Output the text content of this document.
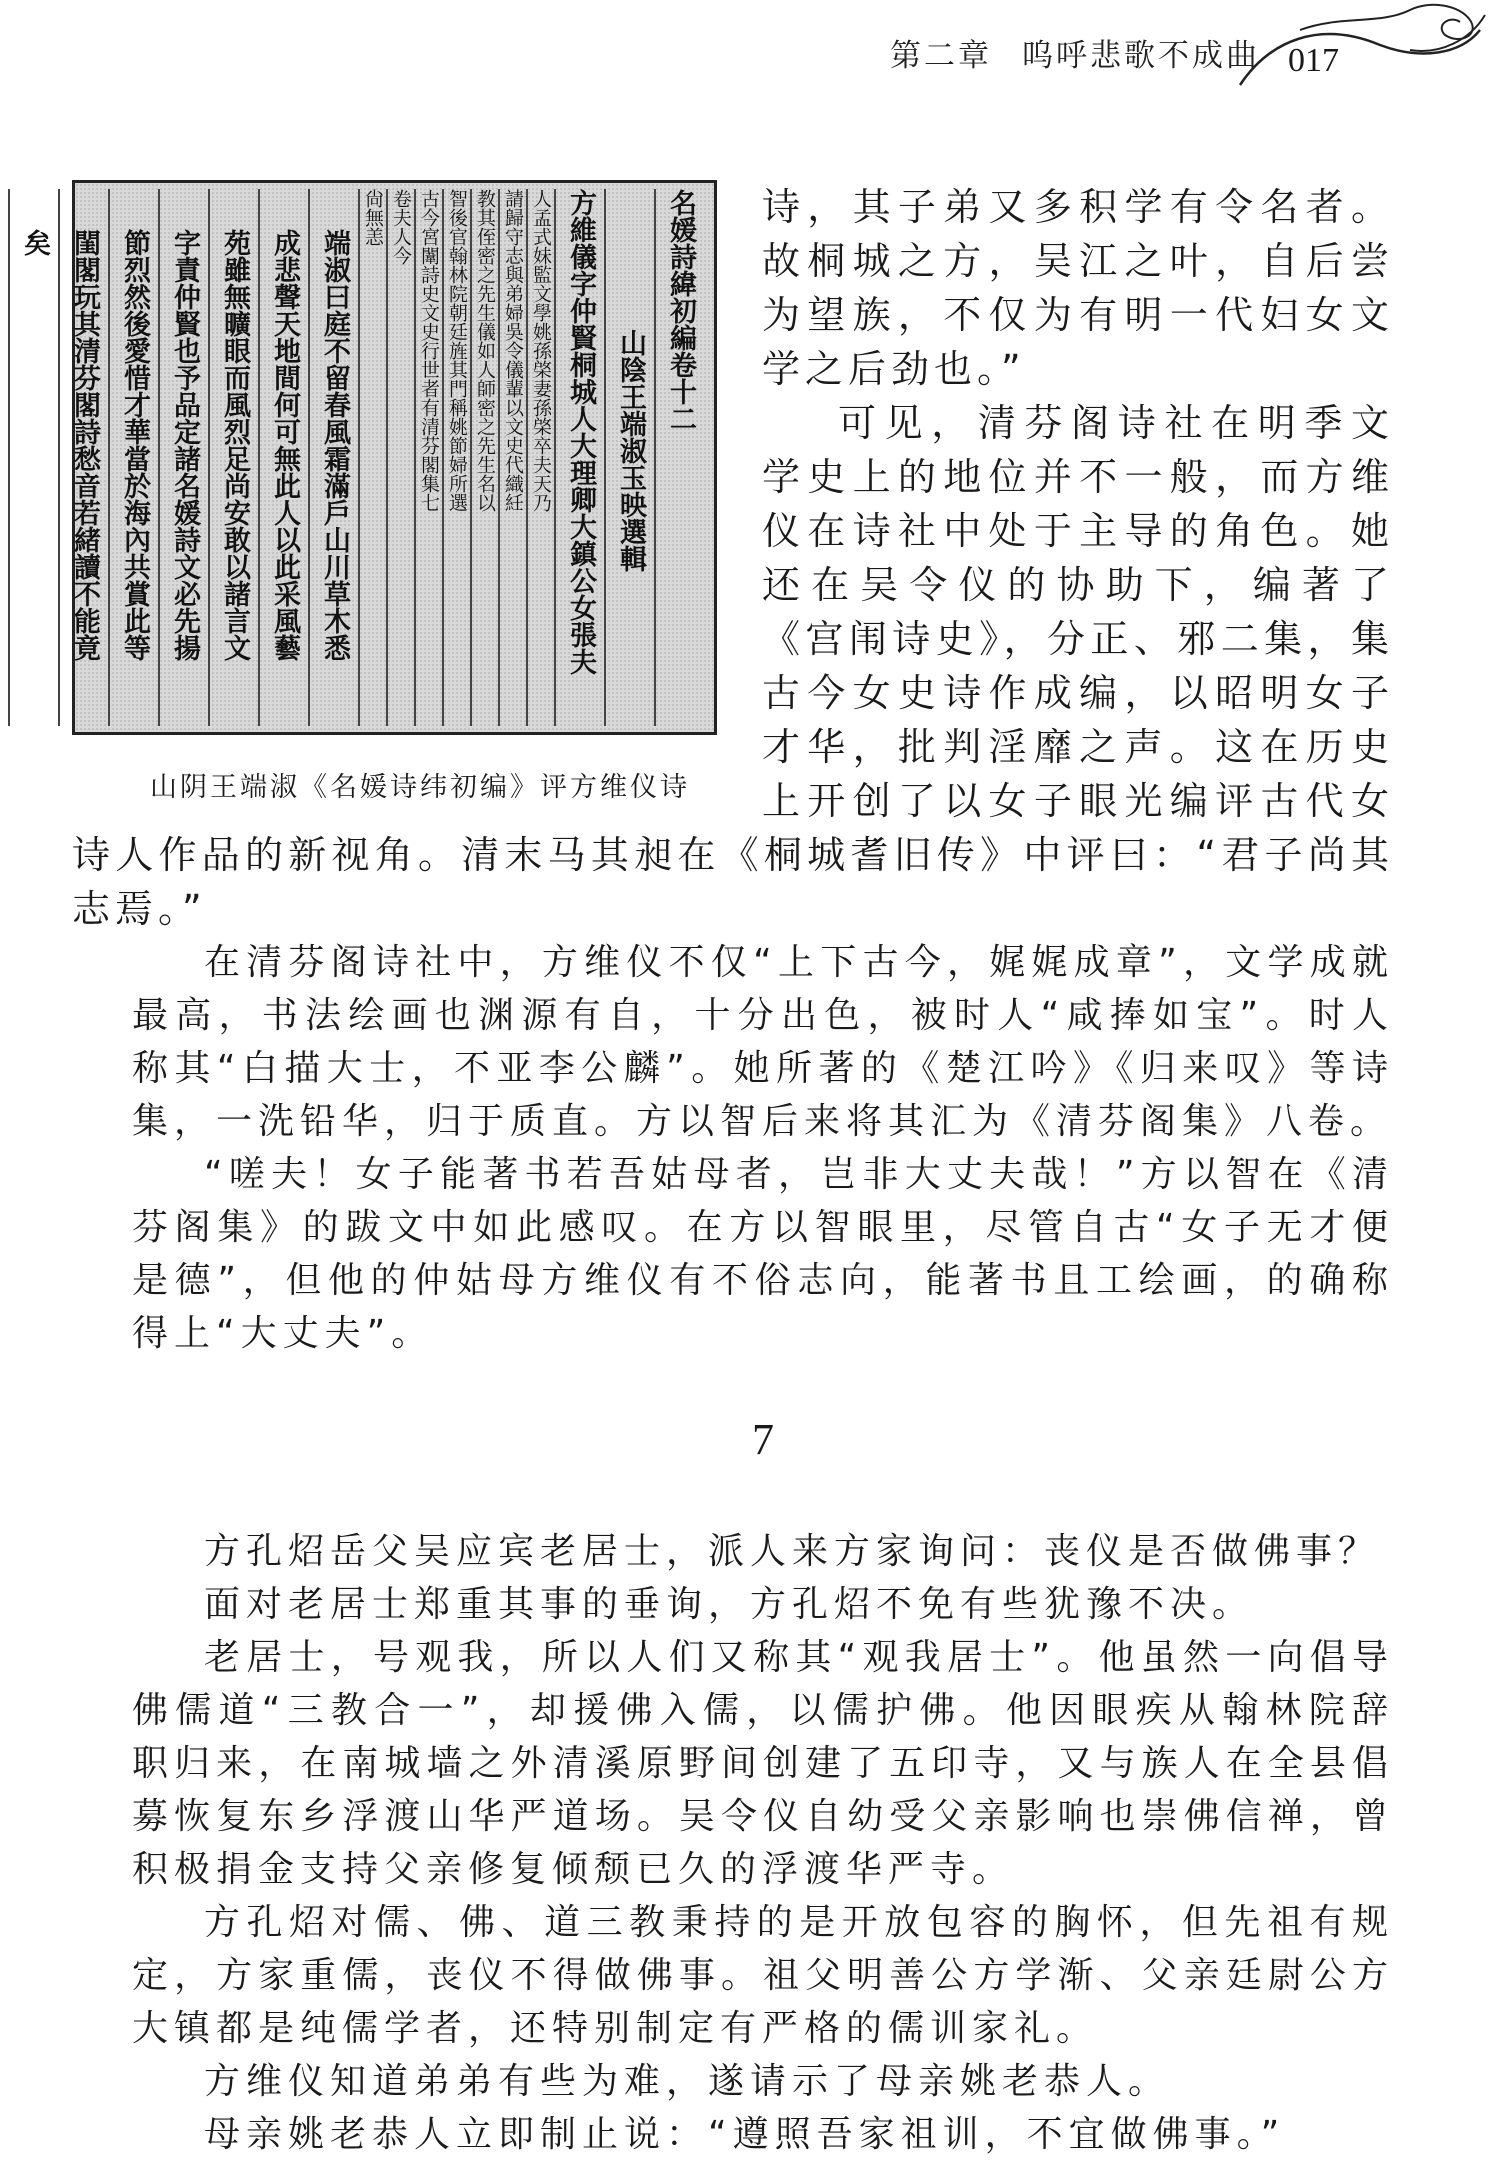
第二章 呜呼悲歌不成曲 017
名媛詩緯初編卷十二
山陰王端淑玉映選輯
方維儀字仲賢桐城人大理卿大鎮公女張夫
人孟式妹監文學姚孫棨妻孫棨卒夫天乃
請歸守志與弟婦吳令儀輩以文史代織紝
教其侄密之先生儀如人師密之先生名以
智後官翰林院朝廷旌其門稱姚節婦所選
古今宮闈詩史文史行世者有清芬閣集七
卷夫人今
尙無恙
端淑曰庭不留春風霜滿戶山川草木悉
成悲聲天地間何可無此人以此采風藝
苑雖無曠眼而風烈足尚安敢以諸言文
字責仲賢也予品定諸名媛詩文必先揚
節烈然後愛惜才華當於海內共賞此等
閨閣玩其清芬閣詩愁音若緒讀不能竟
矣
山阴王端淑《名媛诗纬初编》评方维仪诗

诗，其子弟又多积学有令名者。故桐城之方，吴江之叶，自后尝为望族，不仅为有明一代妇女文学之后劲也。”

可见，清芬阁诗社在明季文学史上的地位并不一般，而方维仪在诗社中处于主导的角色。她还在吴令仪的协助下，编著了《宫闱诗史》，分正、邪二集，集古今女史诗作成编，以昭明女子才华，批判淫靡之声。这在历史上开创了以女子眼光编评古代女诗人作品的新视角。清末马其昶在《桐城耆旧传》中评曰：“君子尚其志焉。”

在清芬阁诗社中，方维仪不仅“上下古今，娓娓成章”，文学成就最高，书法绘画也渊源有自，十分出色，被时人“咸捧如宝”。时人称其“白描大士，不亚李公麟”。她所著的《楚江吟》《归来叹》等诗集，一洗铅华，归于质直。方以智后来将其汇为《清芬阁集》八卷。

“嗟夫！女子能著书若吾姑母者，岂非大丈夫哉！”方以智在《清芬阁集》的跋文中如此感叹。在方以智眼里，尽管自古“女子无才便是德”，但他的仲姑母方维仪有不俗志向，能著书且工绘画，的确称得上“大丈夫”。

7

方孔炤岳父吴应宾老居士，派人来方家询问：丧仪是否做佛事？

面对老居士郑重其事的垂询，方孔炤不免有些犹豫不决。

老居士，号观我，所以人们又称其“观我居士”。他虽然一向倡导佛儒道“三教合一”，却援佛入儒，以儒护佛。他因眼疾从翰林院辞职归来，在南城墙之外清溪原野间创建了五印寺，又与族人在全县倡募恢复东乡浮渡山华严道场。吴令仪自幼受父亲影响也崇佛信禅，曾积极捐金支持父亲修复倾颓已久的浮渡华严寺。

方孔炤对儒、佛、道三教秉持的是开放包容的胸怀，但先祖有规定，方家重儒，丧仪不得做佛事。祖父明善公方学渐、父亲廷尉公方大镇都是纯儒学者，还特别制定有严格的儒训家礼。

方维仪知道弟弟有些为难，遂请示了母亲姚老恭人。

母亲姚老恭人立即制止说：“遵照吾家祖训，不宜做佛事。”
